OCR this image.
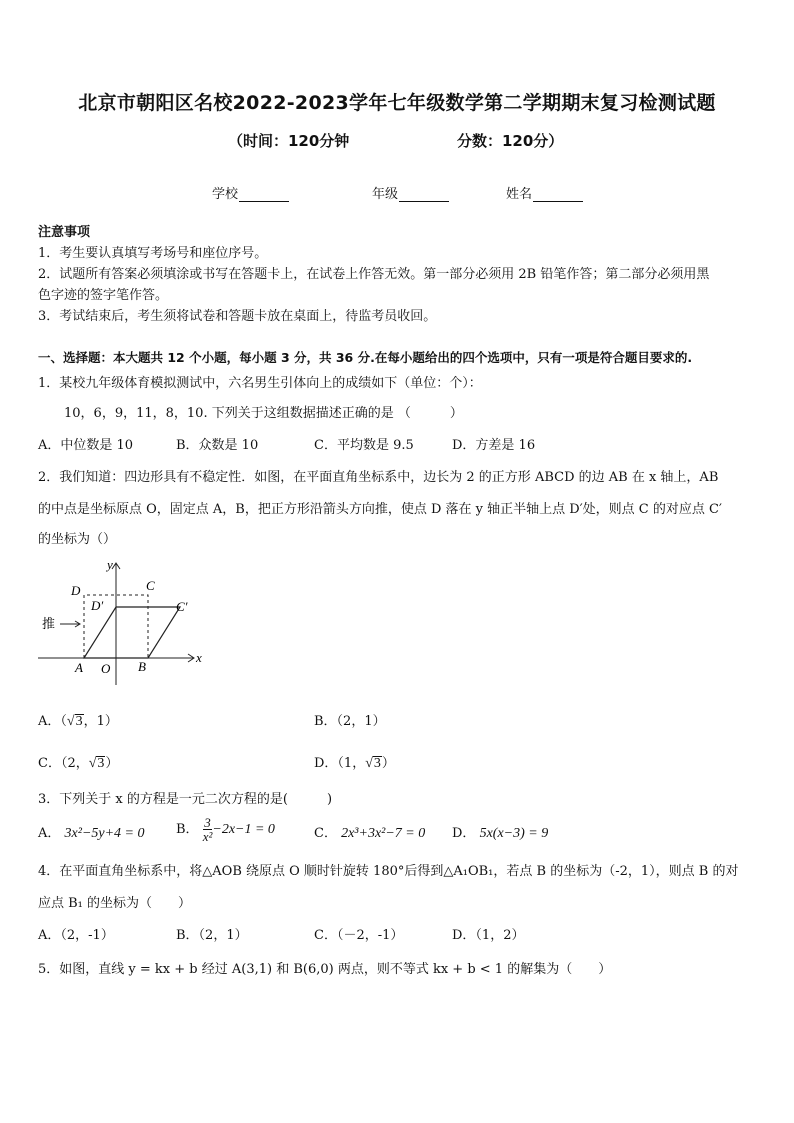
北京市朝阳区名校2022-2023学年七年级数学第二学期期末复习检测试题
（时间：120分钟	分数：120分）
学校	年级	姓名
注意事项
1．考生要认真填写考场号和座位序号。
2．试题所有答案必须填涂或书写在答题卡上，在试卷上作答无效。第一部分必须用 2B 铅笔作答；第二部分必须用黑
色字迹的签字笔作答。
3．考试结束后，考生须将试卷和答题卡放在桌面上，待监考员收回。
一、选择题：本大题共 12 个小题，每小题 3 分，共 36 分.在每小题给出的四个选项中，只有一项是符合题目要求的.
1．某校九年级体育模拟测试中，六名男生引体向上的成绩如下（单位：个）：
10，6，9，11，8，10. 下列关于这组数据描述正确的是 （　　　）
A．中位数是 10	B．众数是 10	C．平均数是 9.5	D．方差是 16
2．我们知道：四边形具有不稳定性．如图，在平面直角坐标系中，边长为 2 的正方形 ABCD 的边 AB 在 x 轴上，AB
的中点是坐标原点 O，固定点 A，B，把正方形沿箭头方向推，使点 D 落在 y 轴正半轴上点 D′处，则点 C 的对应点 C′
的坐标为（）
y
x
D	C
D′	C′
A O B
推
A．（√3，1）	B．（2，1）
C．（2，√3）	D．（1，√3）
3．下列关于 x 的方程是一元二次方程的是(　　　)
A． 3x²−5y+4 = 0 B． $\frac{3}{\text{x²}} -2x-1 = 0$	C． 2x³+3x²−7 = 0 D． 5x(x−3) = 9
4．在平面直角坐标系中，将△AOB 绕原点 O 顺时针旋转 180°后得到△A₁OB₁，若点 B 的坐标为（-2，1），则点 B 的对
应点 B₁ 的坐标为（　　）
A．（2，-1）	B．（2，1）	C．（－2，-1）	D．（1，2）
5．如图，直线 y = kx + b 经过 A(3,1) 和 B(6,0) 两点，则不等式 kx + b < 1 的解集为（　　）
